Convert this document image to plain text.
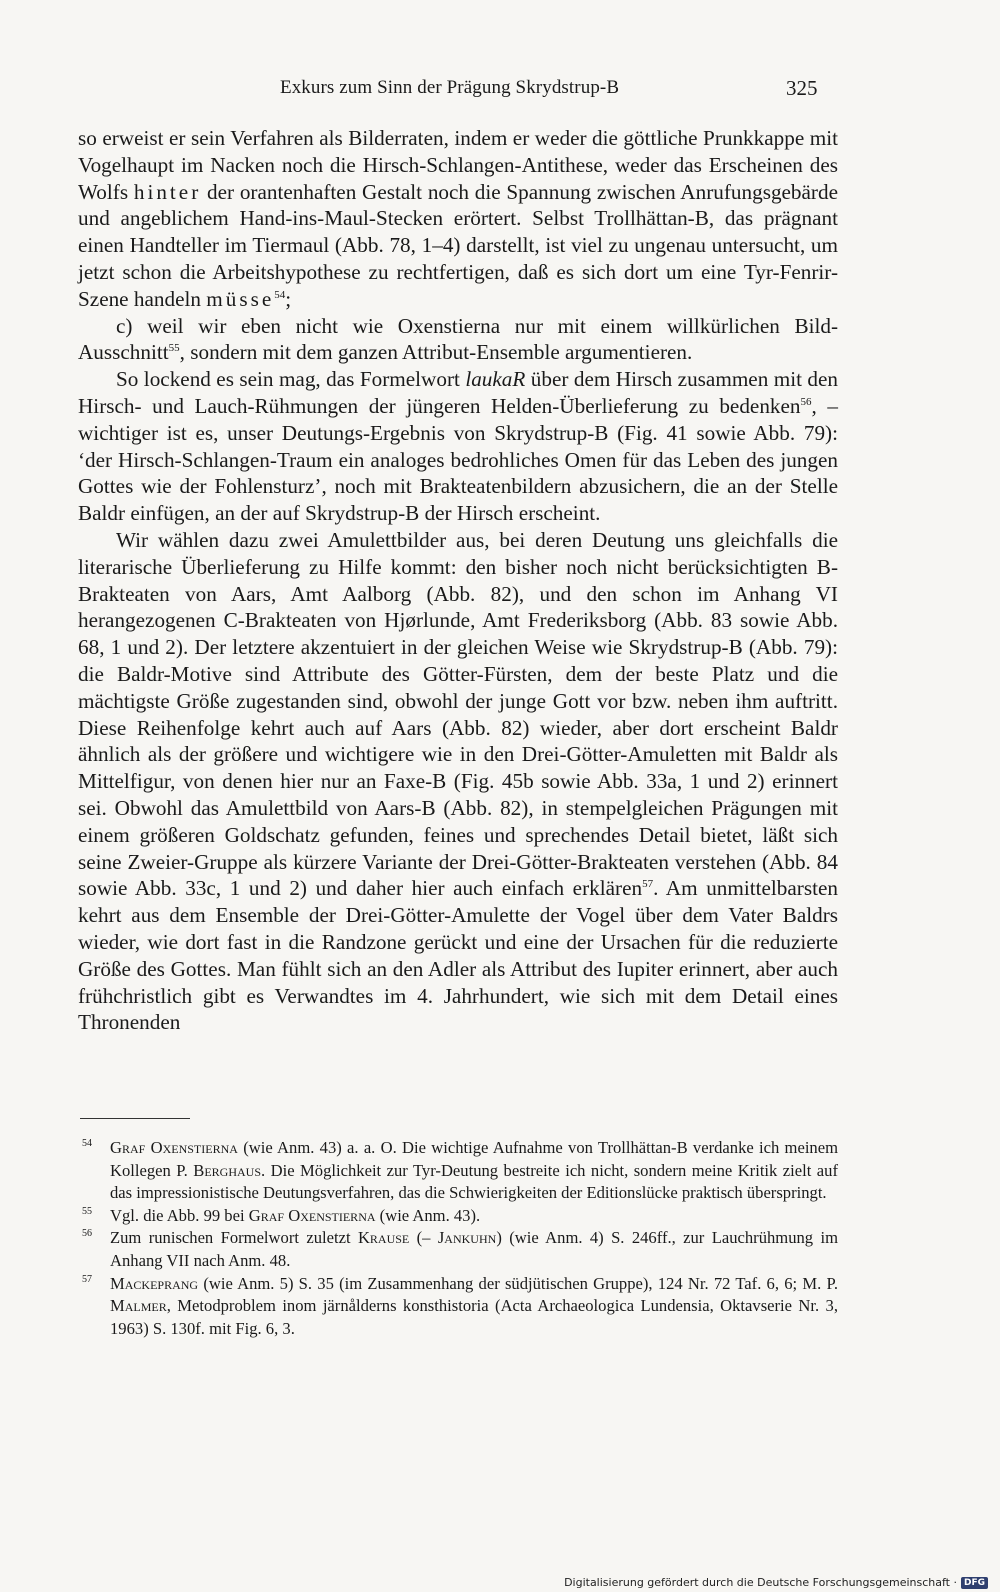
Exkurs zum Sinn der Prägung Skrydstrup-B	325

so erweist er sein Verfahren als Bilderraten, indem er weder die göttliche Prunkkappe mit Vogelhaupt im Nacken noch die Hirsch-Schlangen-Antithese, weder das Erscheinen des Wolfs hinter der orantenhaften Gestalt noch die Spannung zwischen Anrufungsgebärde und angeblichem Hand-ins-Maul-Stecken erörtert. Selbst Trollhättan-B, das prägnant einen Handteller im Tiermaul (Abb. 78, 1–4) darstellt, ist viel zu ungenau untersucht, um jetzt schon die Arbeitshypothese zu rechtfertigen, daß es sich dort um eine Tyr-Fenrir-Szene handeln müsse$^{54}$;

c) weil wir eben nicht wie Oxenstierna nur mit einem willkürlichen Bild-Ausschnitt$^{55}$, sondern mit dem ganzen Attribut-Ensemble argumentieren.

So lockend es sein mag, das Formelwort laukaR über dem Hirsch zusammen mit den Hirsch- und Lauch-Rühmungen der jüngeren Helden-Überlieferung zu bedenken$^{56}$, – wichtiger ist es, unser Deutungs-Ergebnis von Skrydstrup-B (Fig. 41 sowie Abb. 79): ‘der Hirsch-Schlangen-Traum ein analoges bedrohliches Omen für das Leben des jungen Gottes wie der Fohlensturz’, noch mit Brakteatenbildern abzusichern, die an der Stelle Baldr einfügen, an der auf Skrydstrup-B der Hirsch erscheint.

Wir wählen dazu zwei Amulettbilder aus, bei deren Deutung uns gleichfalls die literarische Überlieferung zu Hilfe kommt: den bisher noch nicht berücksichtigten B-Brakteaten von Aars, Amt Aalborg (Abb. 82), und den schon im Anhang VI herangezogenen C-Brakteaten von Hjørlunde, Amt Frederiksborg (Abb. 83 sowie Abb. 68, 1 und 2). Der letztere akzentuiert in der gleichen Weise wie Skrydstrup-B (Abb. 79): die Baldr-Motive sind Attribute des Götter-Fürsten, dem der beste Platz und die mächtigste Größe zugestanden sind, obwohl der junge Gott vor bzw. neben ihm auftritt. Diese Reihenfolge kehrt auch auf Aars (Abb. 82) wieder, aber dort erscheint Baldr ähnlich als der größere und wichtigere wie in den Drei-Götter-Amuletten mit Baldr als Mittelfigur, von denen hier nur an Faxe-B (Fig. 45b sowie Abb. 33a, 1 und 2) erinnert sei. Obwohl das Amulettbild von Aars-B (Abb. 82), in stempelgleichen Prägungen mit einem größeren Goldschatz gefunden, feines und sprechendes Detail bietet, läßt sich seine Zweier-Gruppe als kürzere Variante der Drei-Götter-Brakteaten verstehen (Abb. 84 sowie Abb. 33c, 1 und 2) und daher hier auch einfach erklären$^{57}$. Am unmittelbarsten kehrt aus dem Ensemble der Drei-Götter-Amulette der Vogel über dem Vater Baldrs wieder, wie dort fast in die Randzone gerückt und eine der Ursachen für die reduzierte Größe des Gottes. Man fühlt sich an den Adler als Attribut des Iupiter erinnert, aber auch frühchristlich gibt es Verwandtes im 4. Jahrhundert, wie sich mit dem Detail eines Thronenden

54 Graf Oxenstierna (wie Anm. 43) a. a. O. Die wichtige Aufnahme von Trollhättan-B verdanke ich meinem Kollegen P. Berghaus. Die Möglichkeit zur Tyr-Deutung bestreite ich nicht, sondern meine Kritik zielt auf das impressionistische Deutungsverfahren, das die Schwierigkeiten der Editionslücke praktisch überspringt.

55 Vgl. die Abb. 99 bei Graf Oxenstierna (wie Anm. 43).

56 Zum runischen Formelwort zuletzt Krause (– Jankuhn) (wie Anm. 4) S. 246ff., zur Lauchrühmung im Anhang VII nach Anm. 48.

57 Mackeprang (wie Anm. 5) S. 35 (im Zusammenhang der südjütischen Gruppe), 124 Nr. 72 Taf. 6, 6; M. P. Malmer, Metodproblem inom järnålderns konsthistoria (Acta Archaeologica Lundensia, Oktavserie Nr. 3, 1963) S. 130f. mit Fig. 6, 3.

Digitalisierung gefördert durch die Deutsche Forschungsgemeinschaft · DFG
